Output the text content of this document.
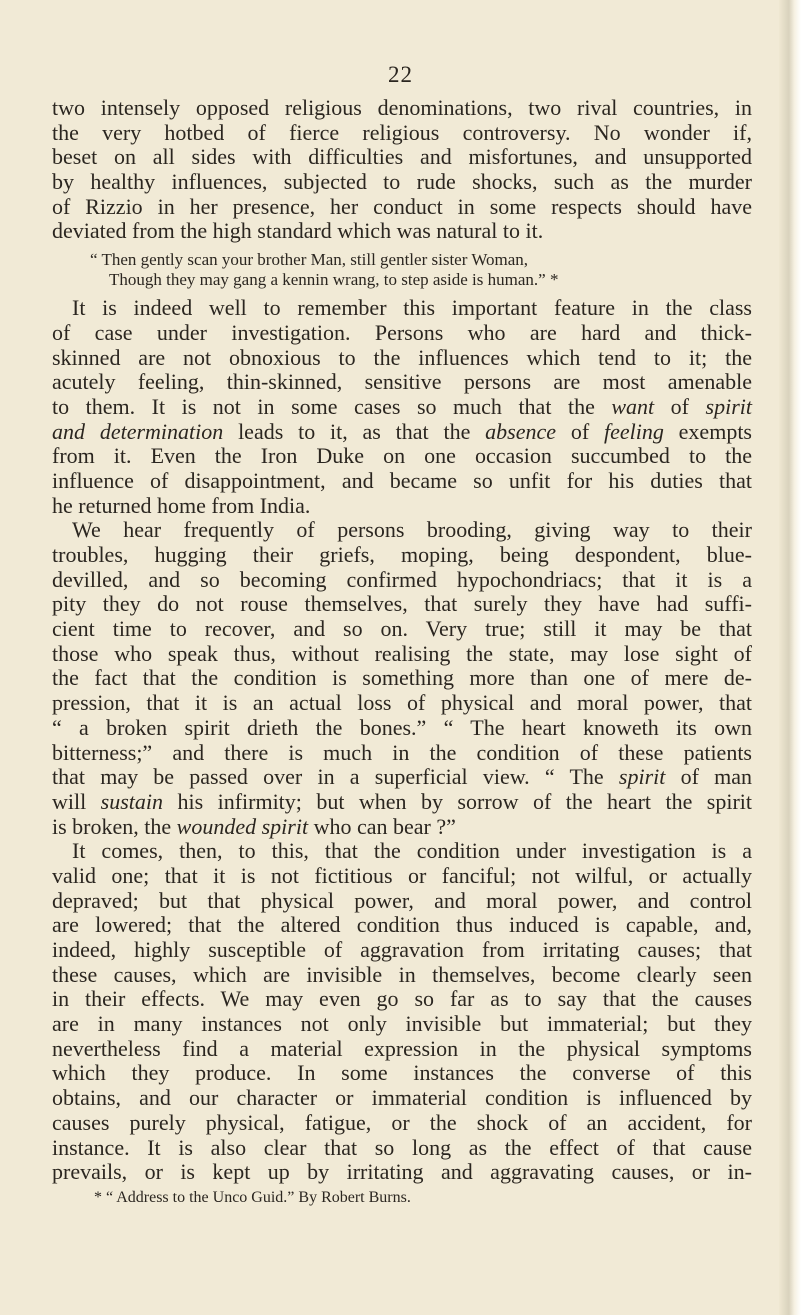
22
two intensely opposed religious denominations, two rival countries, in
the very hotbed of fierce religious controversy. No wonder if,
beset on all sides with difficulties and misfortunes, and unsupported
by healthy influences, subjected to rude shocks, such as the murder
of Rizzio in her presence, her conduct in some respects should have
deviated from the high standard which was natural to it.
“ Then gently scan your brother Man, still gentler sister Woman,
Though they may gang a kennin wrang, to step aside is human.” *
It is indeed well to remember this important feature in the class
of case under investigation. Persons who are hard and thick-
skinned are not obnoxious to the influences which tend to it; the
acutely feeling, thin-skinned, sensitive persons are most amenable
to them. It is not in some cases so much that the want of spirit
and determination leads to it, as that the absence of feeling exempts
from it. Even the Iron Duke on one occasion succumbed to the
influence of disappointment, and became so unfit for his duties that
he returned home from India.
We hear frequently of persons brooding, giving way to their
troubles, hugging their griefs, moping, being despondent, blue-
devilled, and so becoming confirmed hypochondriacs; that it is a
pity they do not rouse themselves, that surely they have had suffi-
cient time to recover, and so on. Very true; still it may be that
those who speak thus, without realising the state, may lose sight of
the fact that the condition is something more than one of mere de-
pression, that it is an actual loss of physical and moral power, that
“ a broken spirit drieth the bones.” “ The heart knoweth its own
bitterness;” and there is much in the condition of these patients
that may be passed over in a superficial view. “ The spirit of man
will sustain his infirmity; but when by sorrow of the heart the spirit
is broken, the wounded spirit who can bear ?”
It comes, then, to this, that the condition under investigation is a
valid one; that it is not fictitious or fanciful; not wilful, or actually
depraved; but that physical power, and moral power, and control
are lowered; that the altered condition thus induced is capable, and,
indeed, highly susceptible of aggravation from irritating causes; that
these causes, which are invisible in themselves, become clearly seen
in their effects. We may even go so far as to say that the causes
are in many instances not only invisible but immaterial; but they
nevertheless find a material expression in the physical symptoms
which they produce. In some instances the converse of this
obtains, and our character or immaterial condition is influenced by
causes purely physical, fatigue, or the shock of an accident, for
instance. It is also clear that so long as the effect of that cause
prevails, or is kept up by irritating and aggravating causes, or in-
* “ Address to the Unco Guid.” By Robert Burns.
